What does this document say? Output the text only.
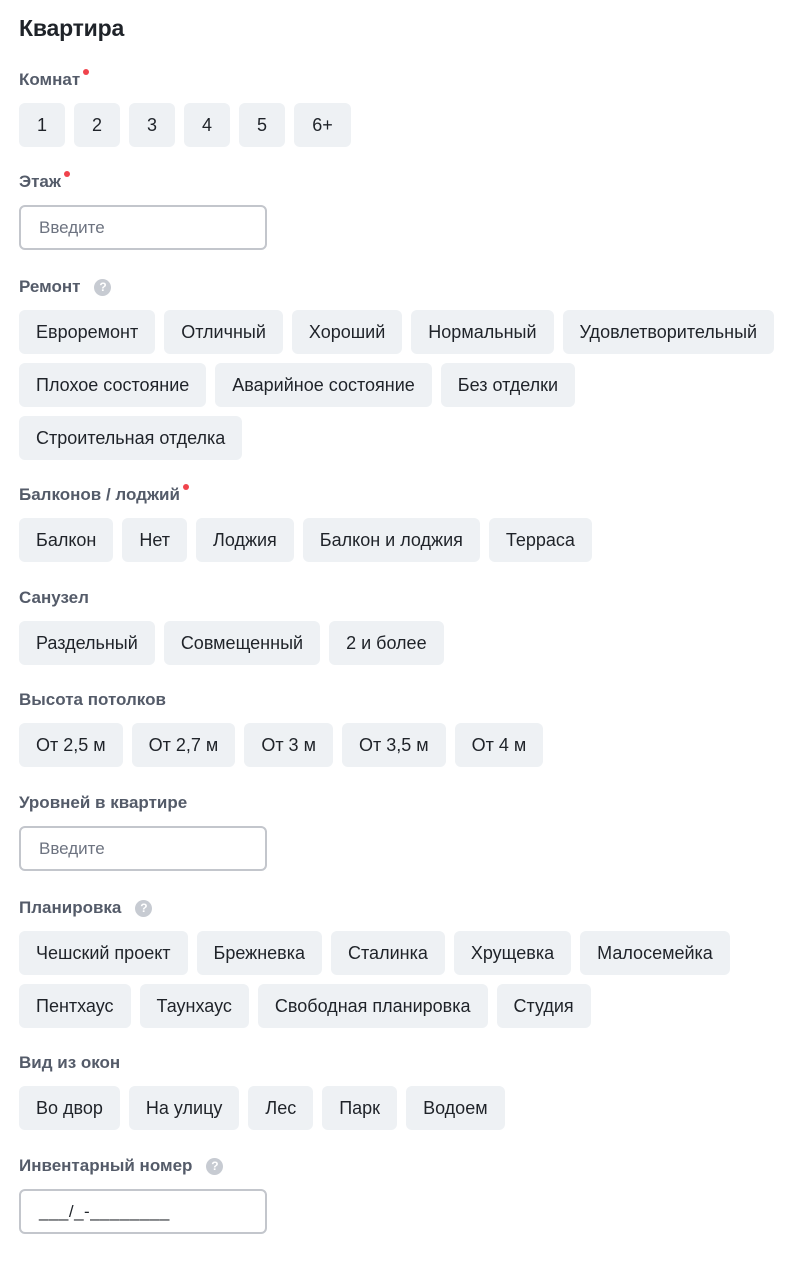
Квартира
Комнат
1	2	3	4	5	6+
Этаж
Введите
Ремонт	?
Евроремонт	Отличный	Хороший	Нормальный	Удовлетворительный
Плохое состояние	Аварийное состояние	Без отделки
Строительная отделка
Балконов / лоджий
Балкон	Нет	Лоджия	Балкон и лоджия	Терраса
Санузел
Раздельный	Совмещенный	2 и более
Высота потолков
От 2,5 м	От 2,7 м	От 3 м	От 3,5 м	От 4 м
Уровней в квартире
Введите
Планировка	?
Чешский проект	Брежневка	Сталинка	Хрущевка	Малосемейка
Пентхаус	Таунхаус	Свободная планировка	Студия
Вид из окон
Во двор	На улицу	Лес	Парк	Водоем
Инвентарный номер	?
___/_-________
